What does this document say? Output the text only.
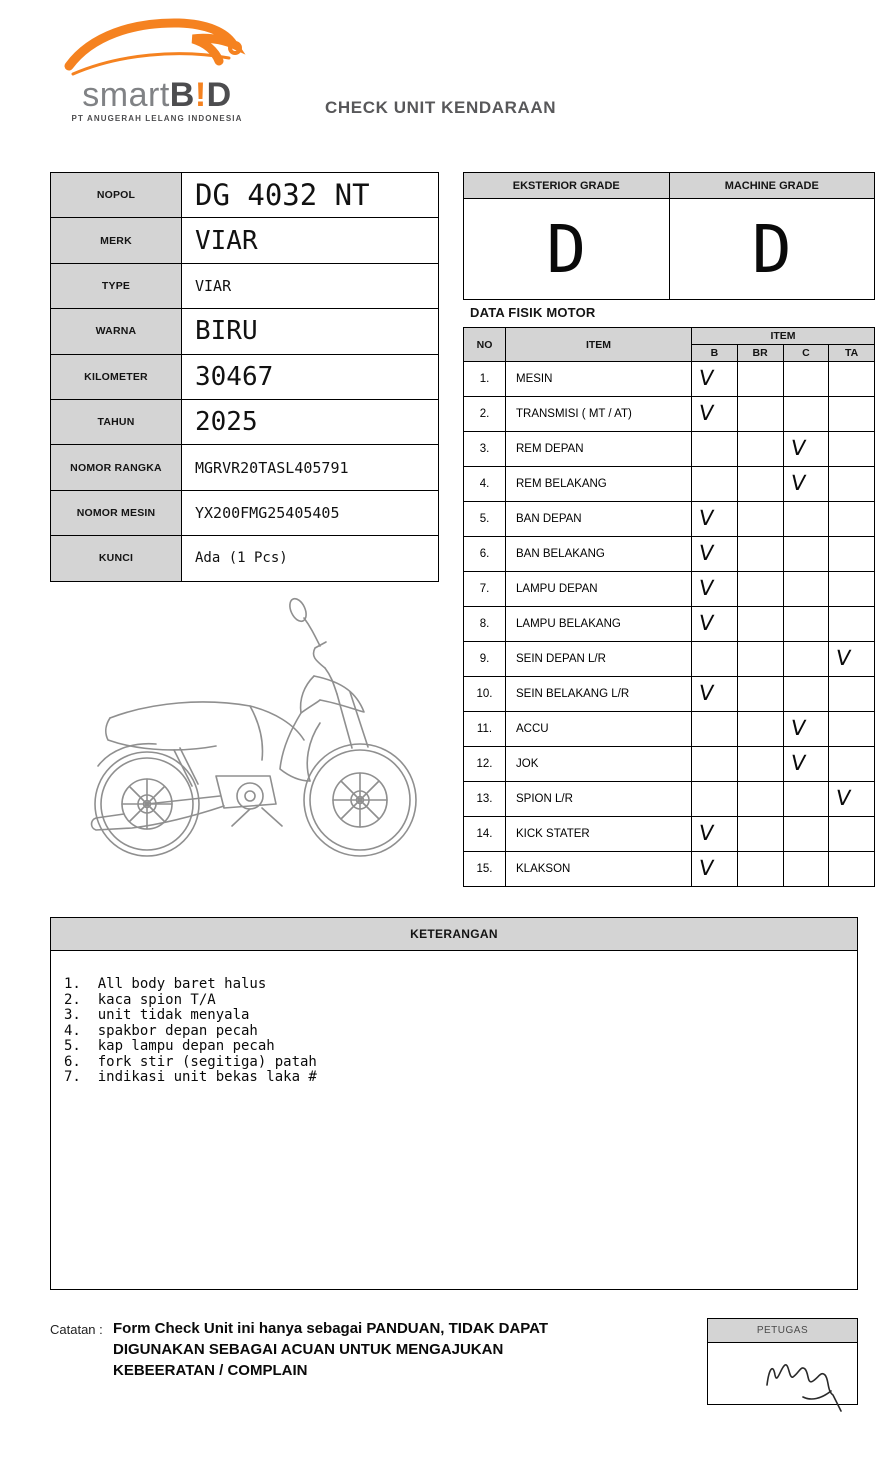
smartB!D
PT ANUGERAH LELANG INDONESIA
CHECK UNIT KENDARAAN
NOPOL	DG 4032 NT
MERK	VIAR
TYPE	VIAR
WARNA	BIRU
KILOMETER	30467
TAHUN	2025
NOMOR RANGKA	MGRVR20TASL405791
NOMOR MESIN	YX200FMG25405405
KUNCI	Ada (1 Pcs)
EKSTERIOR GRADE	MACHINE GRADE
D	D
DATA FISIK MOTOR
NO	ITEM	ITEM			
		B	BR	C	TA
1.	MESIN	V			
2.	TRANSMISI ( MT / AT)	V			
3.	REM DEPAN			V	
4.	REM BELAKANG			V	
5.	BAN DEPAN	V			
6.	BAN BELAKANG	V			
7.	LAMPU DEPAN	V			
8.	LAMPU BELAKANG	V			
9.	SEIN DEPAN L/R				V
10.	SEIN BELAKANG L/R	V			
11.	ACCU			V	
12.	JOK			V	
13.	SPION L/R				V
14.	KICK STATER	V			
15.	KLAKSON	V			
KETERANGAN
1.  All body baret halus
2.  kaca spion T/A
3.  unit tidak menyala
4.  spakbor depan pecah
5.  kap lampu depan pecah
6.  fork stir (segitiga) patah
7.  indikasi unit bekas laka #
Catatan : Form Check Unit ini hanya sebagai PANDUAN, TIDAK DAPAT DIGUNAKAN SEBAGAI ACUAN UNTUK MENGAJUKAN KEBEERATAN / COMPLAIN
PETUGAS
